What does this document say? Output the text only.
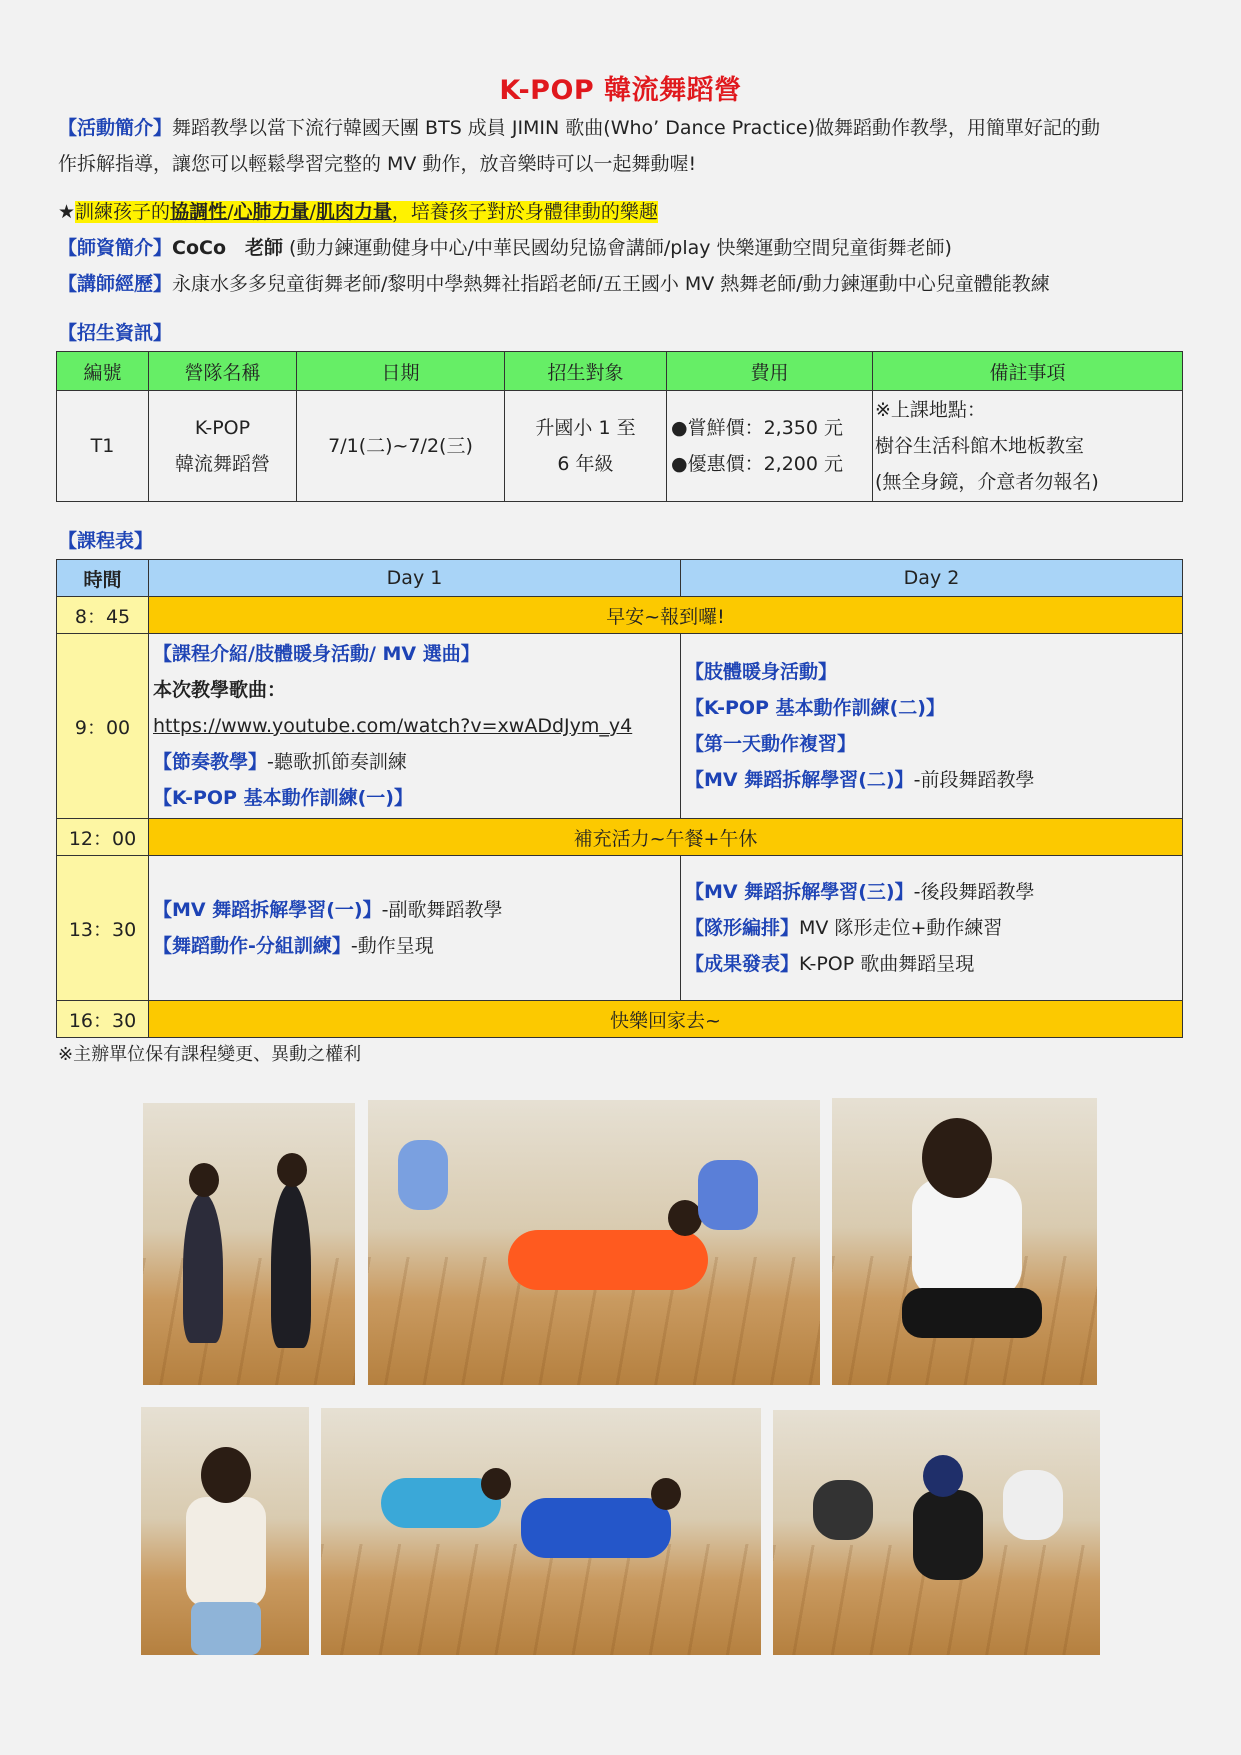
K-POP 韓流舞蹈營
【活動簡介】舞蹈教學以當下流行韓國天團 BTS 成員 JIMIN 歌曲(Who’ Dance Practice)做舞蹈動作教學，用簡單好記的動
作拆解指導，讓您可以輕鬆學習完整的 MV 動作，放音樂時可以一起舞動喔!
★訓練孩子的協調性/心肺力量/肌肉力量，培養孩子對於身體律動的樂趣
【師資簡介】CoCo　老師 (動力鍊運動健身中心/中華民國幼兒協會講師/play 快樂運動空間兒童街舞老師)
【講師經歷】永康水多多兒童街舞老師/黎明中學熱舞社指蹈老師/五王國小 MV 熱舞老師/動力鍊運動中心兒童體能教練
【招生資訊】
編號	營隊名稱	日期	招生對象	費用	備註事項
T1	K-POP
韓流舞蹈營	7/1(二)~7/2(三)	升國小 1 至
6 年級	●嘗鮮價：2,350 元
●優惠價：2,200 元	※上課地點：
樹谷生活科館木地板教室
(無全身鏡，介意者勿報名)
【課程表】
時間	Day 1	Day 2
8：45	早安~報到囉!	
9：00	【課程介紹/肢體暖身活動/ MV 選曲】
本次教學歌曲：
https://www.youtube.com/watch?v=xwADdJym_y4
【節奏教學】-聽歌抓節奏訓練
【K-POP 基本動作訓練(一)】	【肢體暖身活動】
【K-POP 基本動作訓練(二)】
【第一天動作複習】
【MV 舞蹈拆解學習(二)】-前段舞蹈教學

12：00	補充活力~午餐+午休	
13：30	【MV 舞蹈拆解學習(一)】-副歌舞蹈教學
【舞蹈動作-分組訓練】-動作呈現	【MV 舞蹈拆解學習(三)】-後段舞蹈教學
【隊形編排】MV 隊形走位+動作練習
【成果發表】K-POP 歌曲舞蹈呈現

16：30	快樂回家去~	
※主辦單位保有課程變更、異動之權利
